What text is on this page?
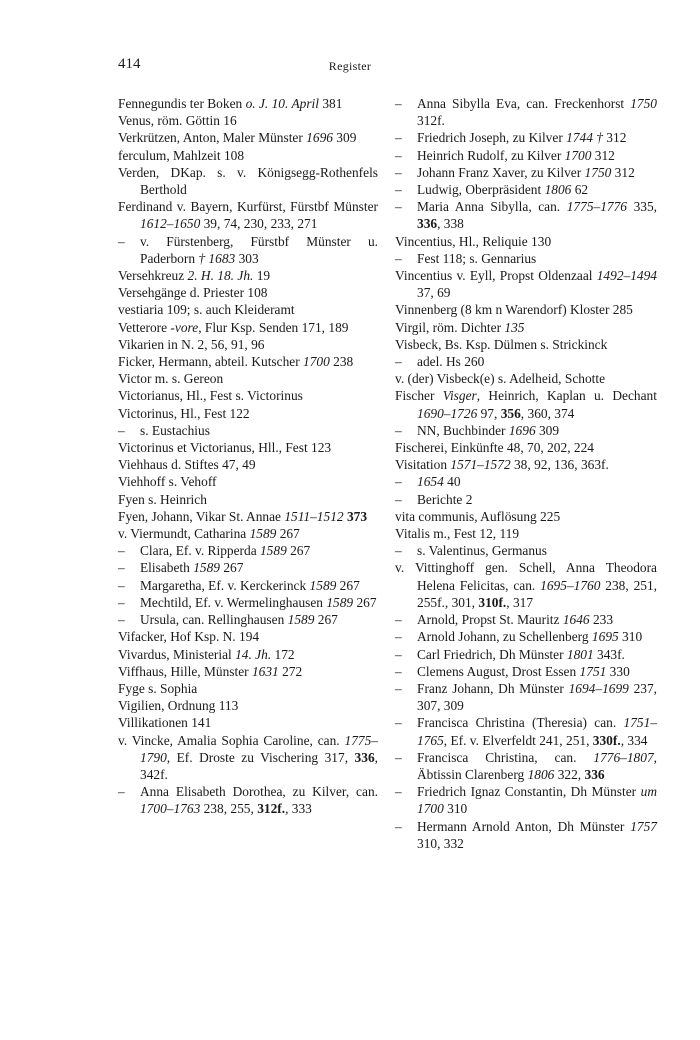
414	Register
Fennegundis ter Boken o. J. 10. April 381
Venus, röm. Göttin 16
Verkrützen, Anton, Maler Münster 1696 309
ferculum, Mahlzeit 108
Verden, DKap. s. v. Königsegg-Rothenfels Berthold
Ferdinand v. Bayern, Kurfürst, Fürstbf Münster 1612–1650 39, 74, 230, 233, 271
– v. Fürstenberg, Fürstbf Münster u. Paderborn † 1683 303
Versehkreuz 2. H. 18. Jh. 19
Versehgänge d. Priester 108
vestiaria 109; s. auch Kleideramt
Vetterore -vore, Flur Ksp. Senden 171, 189
Vikarien in N. 2, 56, 91, 96
Ficker, Hermann, abteil. Kutscher 1700 238
Victor m. s. Gereon
Victorianus, Hl., Fest s. Victorinus
Victorinus, Hl., Fest 122
– s. Eustachius
Victorinus et Victorianus, Hll., Fest 123
Viehhaus d. Stiftes 47, 49
Viehhoff s. Vehoff
Fyen s. Heinrich
Fyen, Johann, Vikar St. Annae 1511–1512 373
v. Viermundt, Catharina 1589 267
– Clara, Ef. v. Ripperda 1589 267
– Elisabeth 1589 267
– Margaretha, Ef. v. Kerckerinck 1589 267
– Mechtild, Ef. v. Wermelinghausen 1589 267
– Ursula, can. Rellinghausen 1589 267
Vifacker, Hof Ksp. N. 194
Vivardus, Ministerial 14. Jh. 172
Viffhaus, Hille, Münster 1631 272
Fyge s. Sophia
Vigilien, Ordnung 113
Villikationen 141
v. Vincke, Amalia Sophia Caroline, can. 1775–1790, Ef. Droste zu Vischering 317, 336, 342f.
– Anna Elisabeth Dorothea, zu Kilver, can. 1700–1763 238, 255, 312f., 333
– Anna Sibylla Eva, can. Freckenhorst 1750 312f.
– Friedrich Joseph, zu Kilver 1744 † 312
– Heinrich Rudolf, zu Kilver 1700 312
– Johann Franz Xaver, zu Kilver 1750 312
– Ludwig, Oberpräsident 1806 62
– Maria Anna Sibylla, can. 1775–1776 335, 336, 338
Vincentius, Hl., Reliquie 130
– Fest 118; s. Gennarius
Vincentius v. Eyll, Propst Oldenzaal 1492–1494 37, 69
Vinnenberg (8 km n Warendorf) Kloster 285
Virgil, röm. Dichter 135
Visbeck, Bs. Ksp. Dülmen s. Strickinck
– adel. Hs 260
v. (der) Visbeck(e) s. Adelheid, Schotte
Fischer Visger, Heinrich, Kaplan u. Dechant 1690–1726 97, 356, 360, 374
– NN, Buchbinder 1696 309
Fischerei, Einkünfte 48, 70, 202, 224
Visitation 1571–1572 38, 92, 136, 363f.
– 1654 40
– Berichte 2
vita communis, Auflösung 225
Vitalis m., Fest 12, 119
– s. Valentinus, Germanus
v. Vittinghoff gen. Schell, Anna Theodora Helena Felicitas, can. 1695–1760 238, 251, 255f., 301, 310f., 317
– Arnold, Propst St. Mauritz 1646 233
– Arnold Johann, zu Schellenberg 1695 310
– Carl Friedrich, Dh Münster 1801 343f.
– Clemens August, Drost Essen 1751 330
– Franz Johann, Dh Münster 1694–1699 237, 307, 309
– Francisca Christina (Theresia) can. 1751–1765, Ef. v. Elverfeldt 241, 251, 330f., 334
– Francisca Christina, can. 1776–1807, Äbtissin Clarenberg 1806 322, 336
– Friedrich Ignaz Constantin, Dh Münster um 1700 310
– Hermann Arnold Anton, Dh Münster 1757 310, 332
